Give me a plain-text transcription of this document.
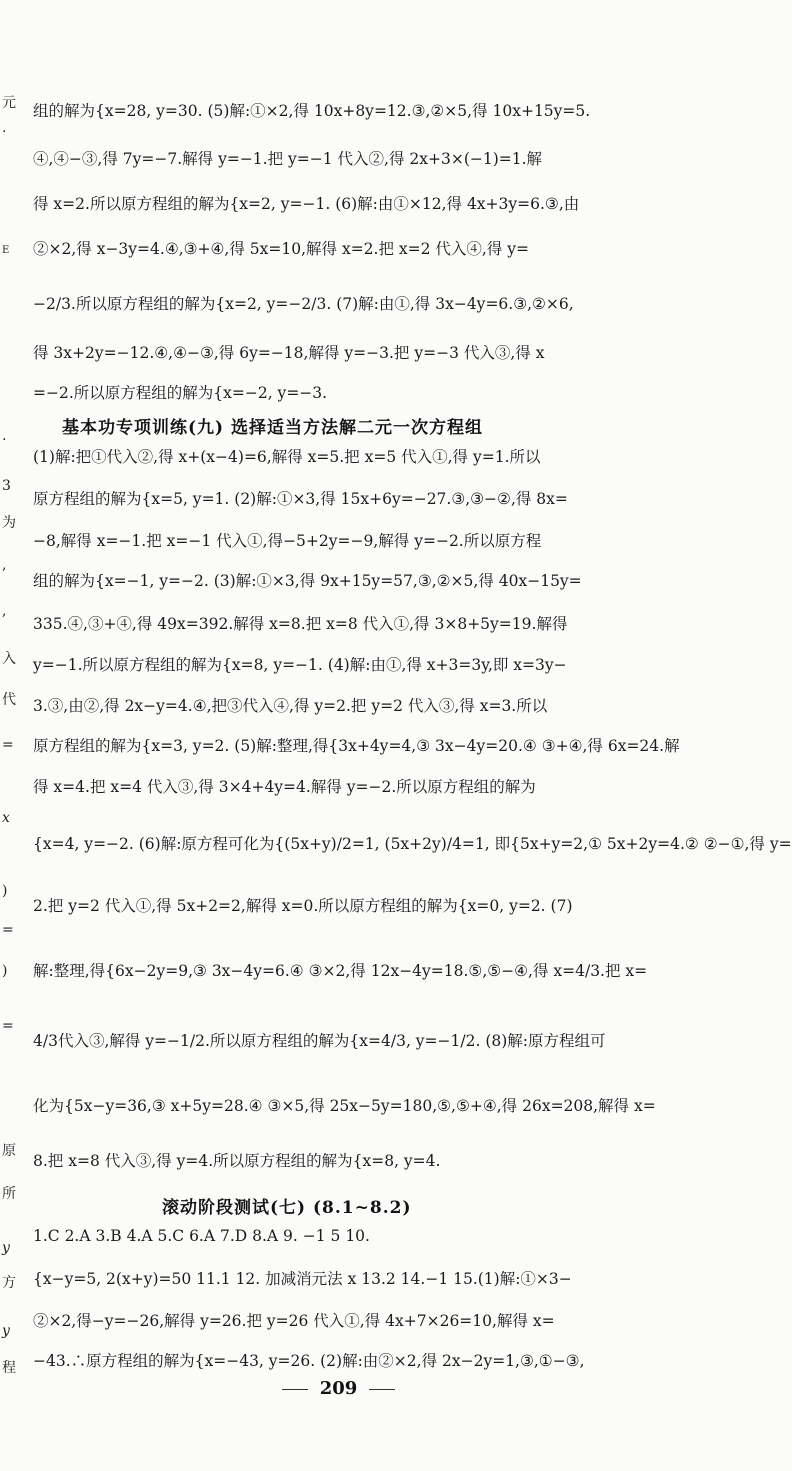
元
.
E
.
3
为
,
,
入
代
=
x
)
=
)
=
原
所
y
方
y
程
组的解为{x=28, y=30. (5)解:①×2,得 10x+8y=12.③,②×5,得 10x+15y=5.
④,④−③,得 7y=−7.解得 y=−1.把 y=−1 代入②,得 2x+3×(−1)=1.解
得 x=2.所以原方程组的解为{x=2, y=−1. (6)解:由①×12,得 4x+3y=6.③,由
②×2,得 x−3y=4.④,③+④,得 5x=10,解得 x=2.把 x=2 代入④,得 y=
−2/3.所以原方程组的解为{x=2, y=−2/3. (7)解:由①,得 3x−4y=6.③,②×6,
得 3x+2y=−12.④,④−③,得 6y=−18,解得 y=−3.把 y=−3 代入③,得 x
=−2.所以原方程组的解为{x=−2, y=−3.
基本功专项训练(九) 选择适当方法解二元一次方程组
(1)解:把①代入②,得 x+(x−4)=6,解得 x=5.把 x=5 代入①,得 y=1.所以
原方程组的解为{x=5, y=1. (2)解:①×3,得 15x+6y=−27.③,③−②,得 8x=
−8,解得 x=−1.把 x=−1 代入①,得−5+2y=−9,解得 y=−2.所以原方程
组的解为{x=−1, y=−2. (3)解:①×3,得 9x+15y=57,③,②×5,得 40x−15y=
335.④,③+④,得 49x=392.解得 x=8.把 x=8 代入①,得 3×8+5y=19.解得
y=−1.所以原方程组的解为{x=8, y=−1. (4)解:由①,得 x+3=3y,即 x=3y−
3.③,由②,得 2x−y=4.④,把③代入④,得 y=2.把 y=2 代入③,得 x=3.所以
原方程组的解为{x=3, y=2. (5)解:整理,得{3x+4y=4,③ 3x−4y=20.④ ③+④,得 6x=24.解
得 x=4.把 x=4 代入③,得 3×4+4y=4.解得 y=−2.所以原方程组的解为
{x=4, y=−2. (6)解:原方程可化为{(5x+y)/2=1, (5x+2y)/4=1, 即{5x+y=2,① 5x+2y=4.② ②−①,得 y=
2.把 y=2 代入①,得 5x+2=2,解得 x=0.所以原方程组的解为{x=0, y=2. (7)
解:整理,得{6x−2y=9,③ 3x−4y=6.④ ③×2,得 12x−4y=18.⑤,⑤−④,得 x=4/3.把 x=
4/3代入③,解得 y=−1/2.所以原方程组的解为{x=4/3, y=−1/2. (8)解:原方程组可
化为{5x−y=36,③ x+5y=28.④ ③×5,得 25x−5y=180,⑤,⑤+④,得 26x=208,解得 x=
8.把 x=8 代入③,得 y=4.所以原方程组的解为{x=8, y=4.
滚动阶段测试(七) (8.1~8.2)
1.C 2.A 3.B 4.A 5.C 6.A 7.D 8.A 9. −1 5 10.
{x−y=5, 2(x+y)=50 11.1 12. 加减消元法 x 13.2 14.−1 15.(1)解:①×3−
②×2,得−y=−26,解得 y=26.把 y=26 代入①,得 4x+7×26=10,解得 x=
−43.∴原方程组的解为{x=−43, y=26. (2)解:由②×2,得 2x−2y=1,③,①−③,
209
